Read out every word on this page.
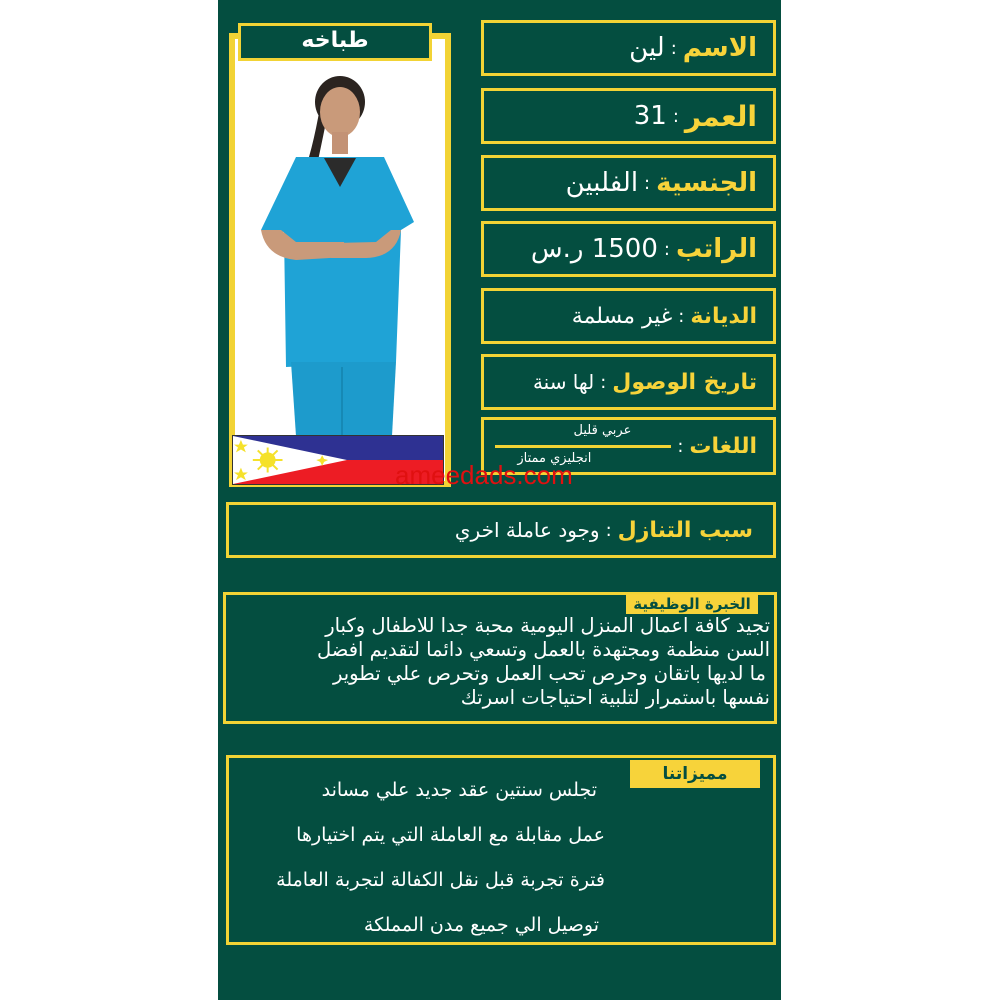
طباخه	الاسم
:
لين
العمر
:
31
الجنسية
:
الفلبين
الراتب
:
1500 ر.س
الديانة
:
غير مسلمة
تاريخ الوصول
:
لها سنة
اللغات
:
عربي قليل
انجليزي ممتاز
ameedads.com
سبب التنازل
:
وجود عاملة اخري
الخبرة الوظيفية
تجيد كافة اعمال المنزل اليومية محبة جدا للاطفال وكبار
السن منظمة ومجتهدة بالعمل وتسعي دائما لتقديم افضل
ما لديها باتقان وحرص تحب العمل وتحرص علي تطوير
نفسها باستمرار لتلبية احتياجات اسرتك
مميزاتنا
تجلس سنتين عقد جديد علي مساند
عمل مقابلة مع العاملة التي يتم اختيارها
فترة تجربة قبل نقل الكفالة لتجربة العاملة
توصيل الي جميع مدن المملكة
